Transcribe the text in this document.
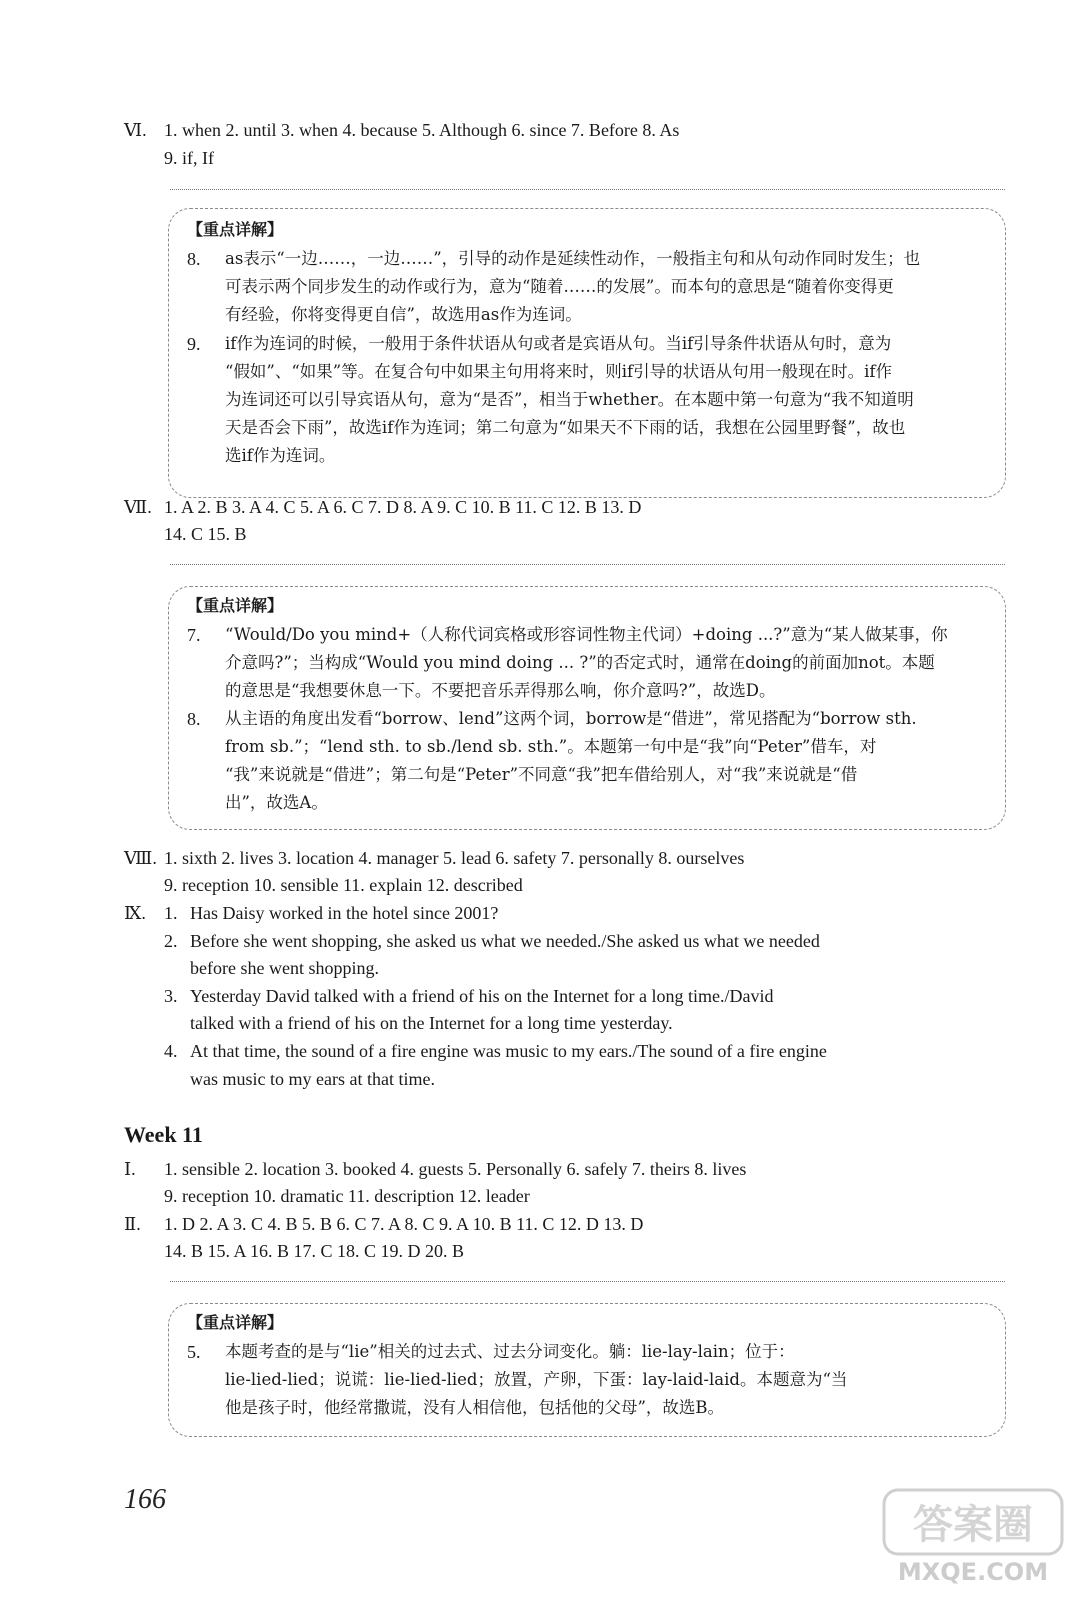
Ⅵ. 1. when 2. until 3. when 4. because 5. Although 6. since 7. Before 8. As
9. if, If
【重点详解】
8. as表示“一边……，一边……”，引导的动作是延续性动作，一般指主句和从句动作同时发生；也
可表示两个同步发生的动作或行为，意为“随着……的发展”。而本句的意思是“随着你变得更
有经验，你将变得更自信”，故选用as作为连词。
9. if作为连词的时候，一般用于条件状语从句或者是宾语从句。当if引导条件状语从句时，意为
“假如”、“如果”等。在复合句中如果主句用将来时，则if引导的状语从句用一般现在时。if作
为连词还可以引导宾语从句，意为“是否”，相当于whether。在本题中第一句意为“我不知道明
天是否会下雨”，故选if作为连词；第二句意为“如果天不下雨的话，我想在公园里野餐”，故也
选if作为连词。
Ⅶ. 1. A 2. B 3. A 4. C 5. A 6. C 7. D 8. A 9. C 10. B 11. C 12. B 13. D
14. C 15. B
【重点详解】
7. “Would/Do you mind+（人称代词宾格或形容词性物主代词）+doing ...?”意为“某人做某事，你
介意吗?”；当构成“Would you mind doing ... ?”的否定式时，通常在doing的前面加not。本题
的意思是“我想要休息一下。不要把音乐弄得那么响，你介意吗?”，故选D。
8. 从主语的角度出发看“borrow、lend”这两个词，borrow是“借进”，常见搭配为“borrow sth.
from sb.”；“lend sth. to sb./lend sb. sth.”。本题第一句中是“我”向“Peter”借车，对
“我”来说就是“借进”；第二句是“Peter”不同意“我”把车借给别人，对“我”来说就是“借
出”，故选A。
Ⅷ. 1. sixth 2. lives 3. location 4. manager 5. lead 6. safety 7. personally 8. ourselves
9. reception 10. sensible 11. explain 12. described
Ⅸ. 1. Has Daisy worked in the hotel since 2001?
2. Before she went shopping, she asked us what we needed./She asked us what we needed
before she went shopping.
3. Yesterday David talked with a friend of his on the Internet for a long time./David
talked with a friend of his on the Internet for a long time yesterday.
4. At that time, the sound of a fire engine was music to my ears./The sound of a fire engine
was music to my ears at that time.
Week 11
Ⅰ. 1. sensible 2. location 3. booked 4. guests 5. Personally 6. safely 7. theirs 8. lives
9. reception 10. dramatic 11. description 12. leader
Ⅱ. 1. D 2. A 3. C 4. B 5. B 6. C 7. A 8. C 9. A 10. B 11. C 12. D 13. D
14. B 15. A 16. B 17. C 18. C 19. D 20. B
【重点详解】
5. 本题考查的是与“lie”相关的过去式、过去分词变化。躺：lie-lay-lain；位于：
lie-lied-lied；说谎：lie-lied-lied；放置，产卵，下蛋：lay-laid-laid。本题意为“当
他是孩子时，他经常撒谎，没有人相信他，包括他的父母”，故选B。
166
答案圈
MXQE.COM
